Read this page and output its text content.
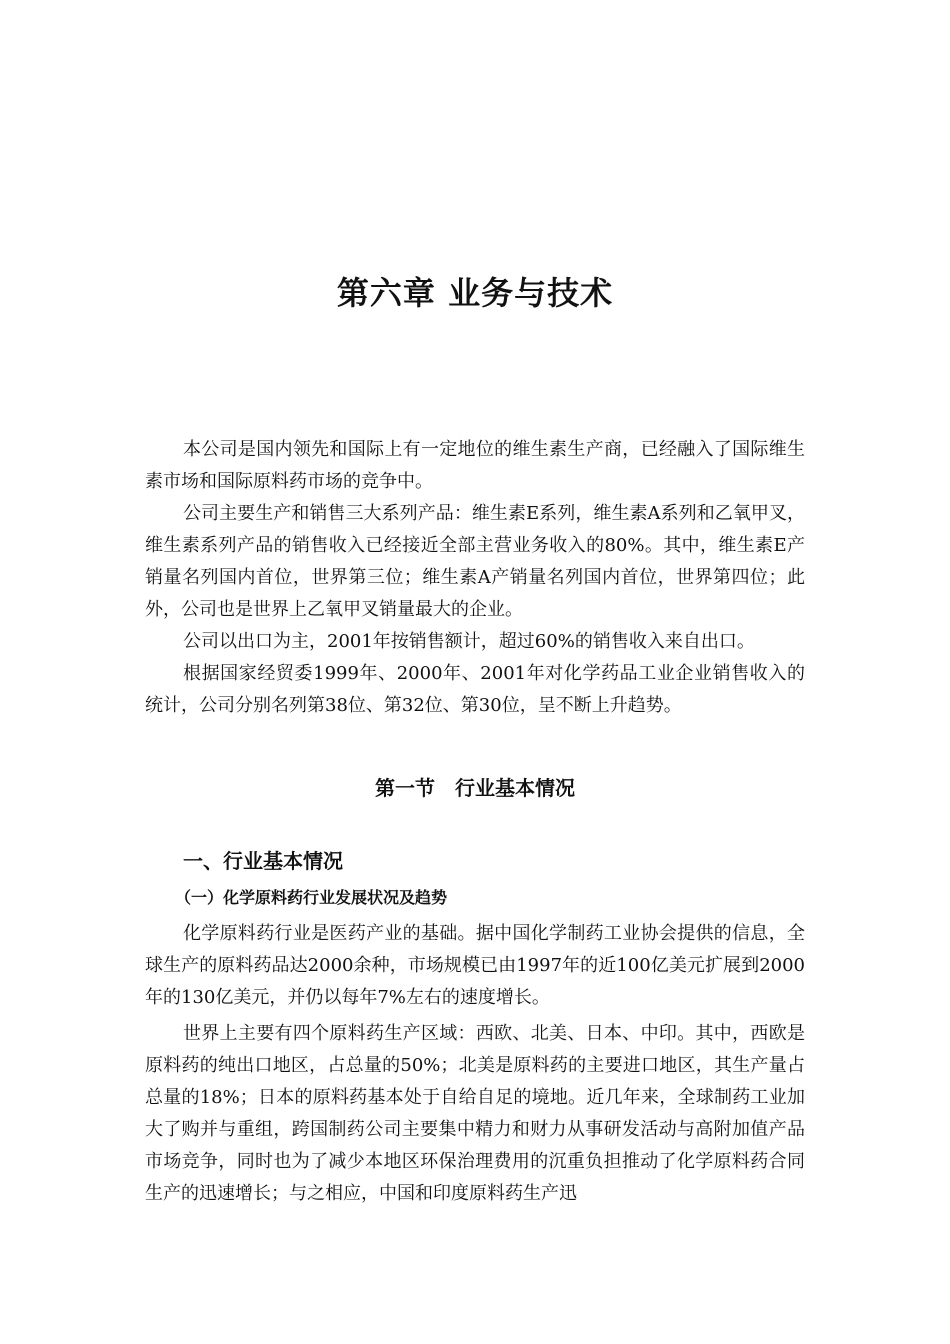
第六章 业务与技术

本公司是国内领先和国际上有一定地位的维生素生产商，已经融入了国际维生素市场和国际原料药市场的竞争中。

公司主要生产和销售三大系列产品：维生素E系列，维生素A系列和乙氧甲叉，维生素系列产品的销售收入已经接近全部主营业务收入的80%。其中，维生素E产销量名列国内首位，世界第三位；维生素A产销量名列国内首位，世界第四位；此外，公司也是世界上乙氧甲叉销量最大的企业。

公司以出口为主，2001年按销售额计，超过60%的销售收入来自出口。

根据国家经贸委1999年、2000年、2001年对化学药品工业企业销售收入的统计，公司分别名列第38位、第32位、第30位，呈不断上升趋势。

第一节　行业基本情况
一、行业基本情况
（一）化学原料药行业发展状况及趋势

化学原料药行业是医药产业的基础。据中国化学制药工业协会提供的信息，全球生产的原料药品达2000余种，市场规模已由1997年的近100亿美元扩展到2000年的130亿美元，并仍以每年7%左右的速度增长。

世界上主要有四个原料药生产区域：西欧、北美、日本、中印。其中，西欧是原料药的纯出口地区，占总量的50%；北美是原料药的主要进口地区，其生产量占总量的18%；日本的原料药基本处于自给自足的境地。近几年来，全球制药工业加大了购并与重组，跨国制药公司主要集中精力和财力从事研发活动与高附加值产品市场竞争，同时也为了减少本地区环保治理费用的沉重负担推动了化学原料药合同生产的迅速增长；与之相应，中国和印度原料药生产迅
